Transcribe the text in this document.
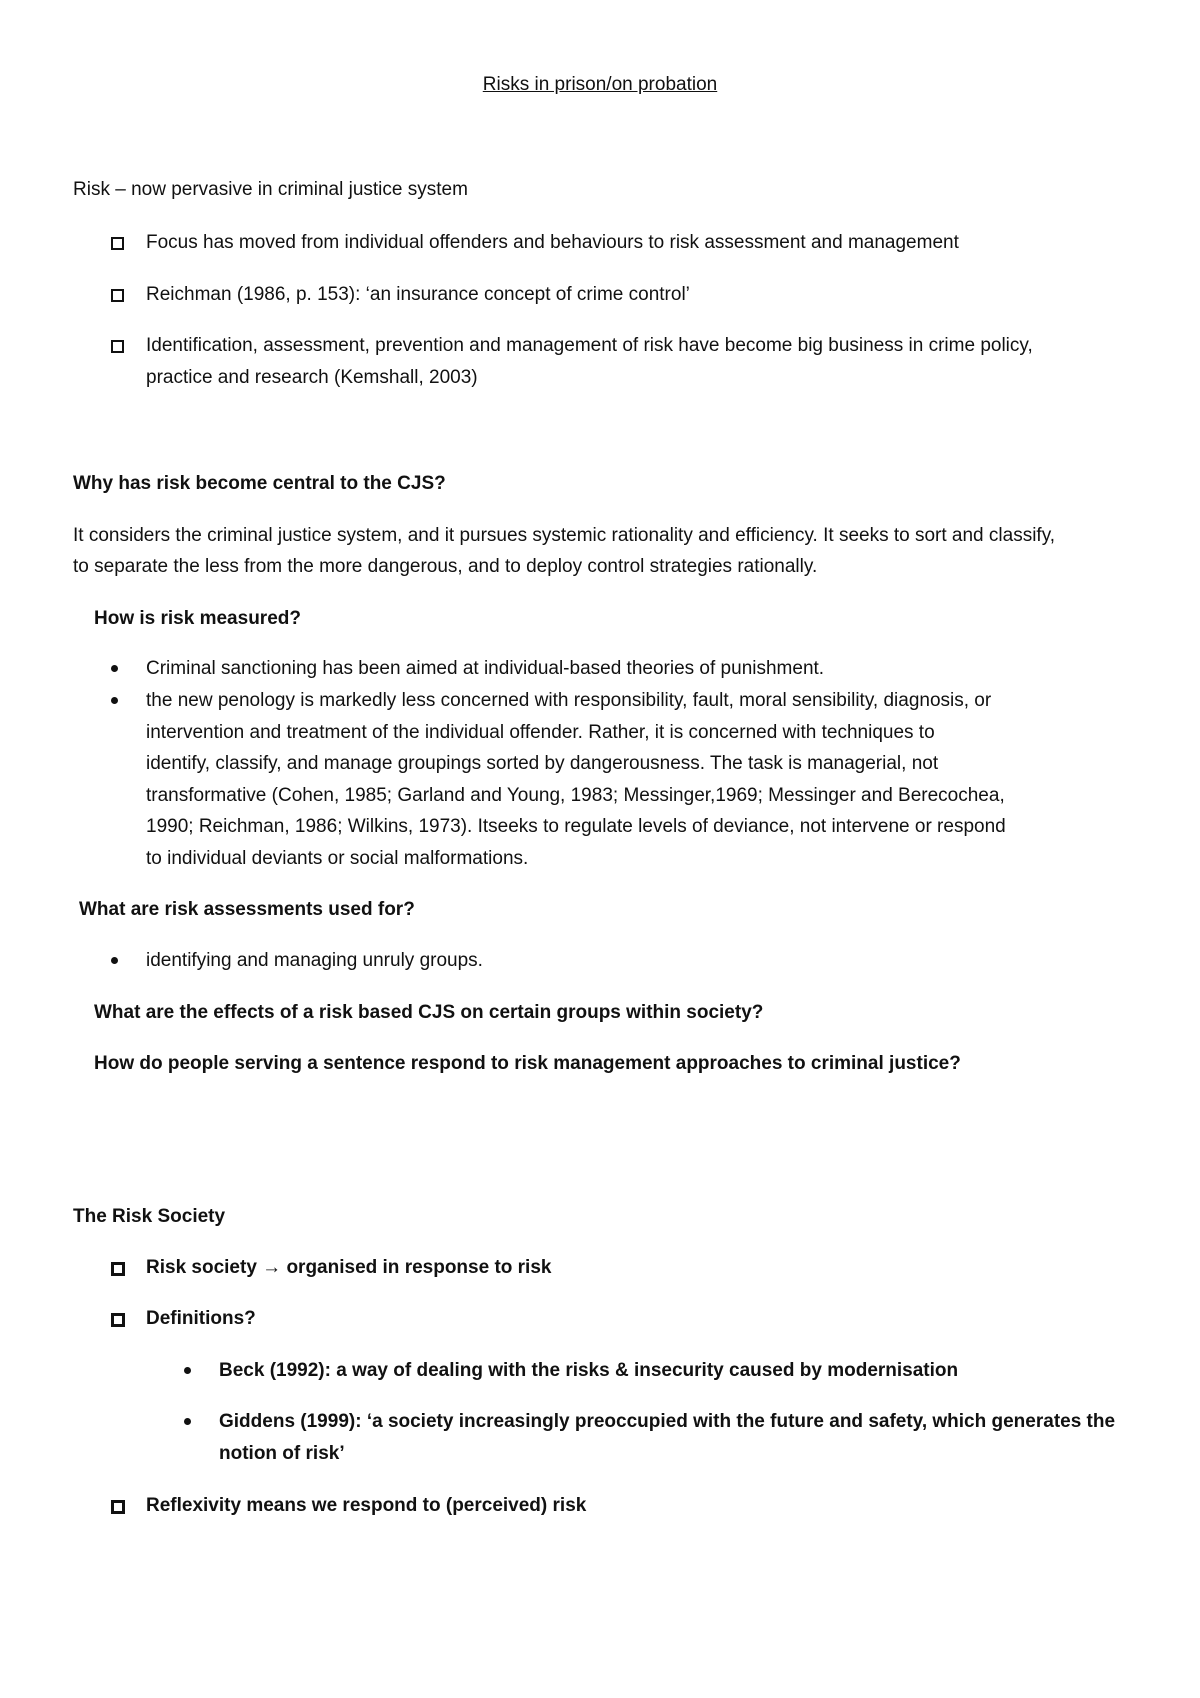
Risks in prison/on probation
Risk – now pervasive in criminal justice system
Focus has moved from individual offenders and behaviours to risk assessment and management
Reichman (1986, p. 153): ‘an insurance concept of crime control’
Identification, assessment, prevention and management of risk have become big business in crime policy,
practice and research (Kemshall, 2003)
Why has risk become central to the CJS?
It considers the criminal justice system, and it pursues systemic rationality and efficiency. It seeks to sort and classify,
to separate the less from the more dangerous, and to deploy control strategies rationally.
How is risk measured?
Criminal sanctioning has been aimed at individual-based theories of punishment.
the new penology is markedly less concerned with responsibility, fault, moral sensibility, diagnosis, or
intervention and treatment of the individual offender. Rather, it is concerned with techniques to
identify, classify, and manage groupings sorted by dangerousness. The task is managerial, not
transformative (Cohen, 1985; Garland and Young, 1983; Messinger,1969; Messinger and Berecochea,
1990; Reichman, 1986; Wilkins, 1973). Itseeks to regulate levels of deviance, not intervene or respond
to individual deviants or social malformations.
What are risk assessments used for?
identifying and managing unruly groups.
What are the effects of a risk based CJS on certain groups within society?
How do people serving a sentence respond to risk management approaches to criminal justice?
The Risk Society
Risk society → organised in response to risk
Definitions?
Beck (1992): a way of dealing with the risks & insecurity caused by modernisation
Giddens (1999): ‘a society increasingly preoccupied with the future and safety, which generates the
notion of risk’
Reflexivity means we respond to (perceived) risk
